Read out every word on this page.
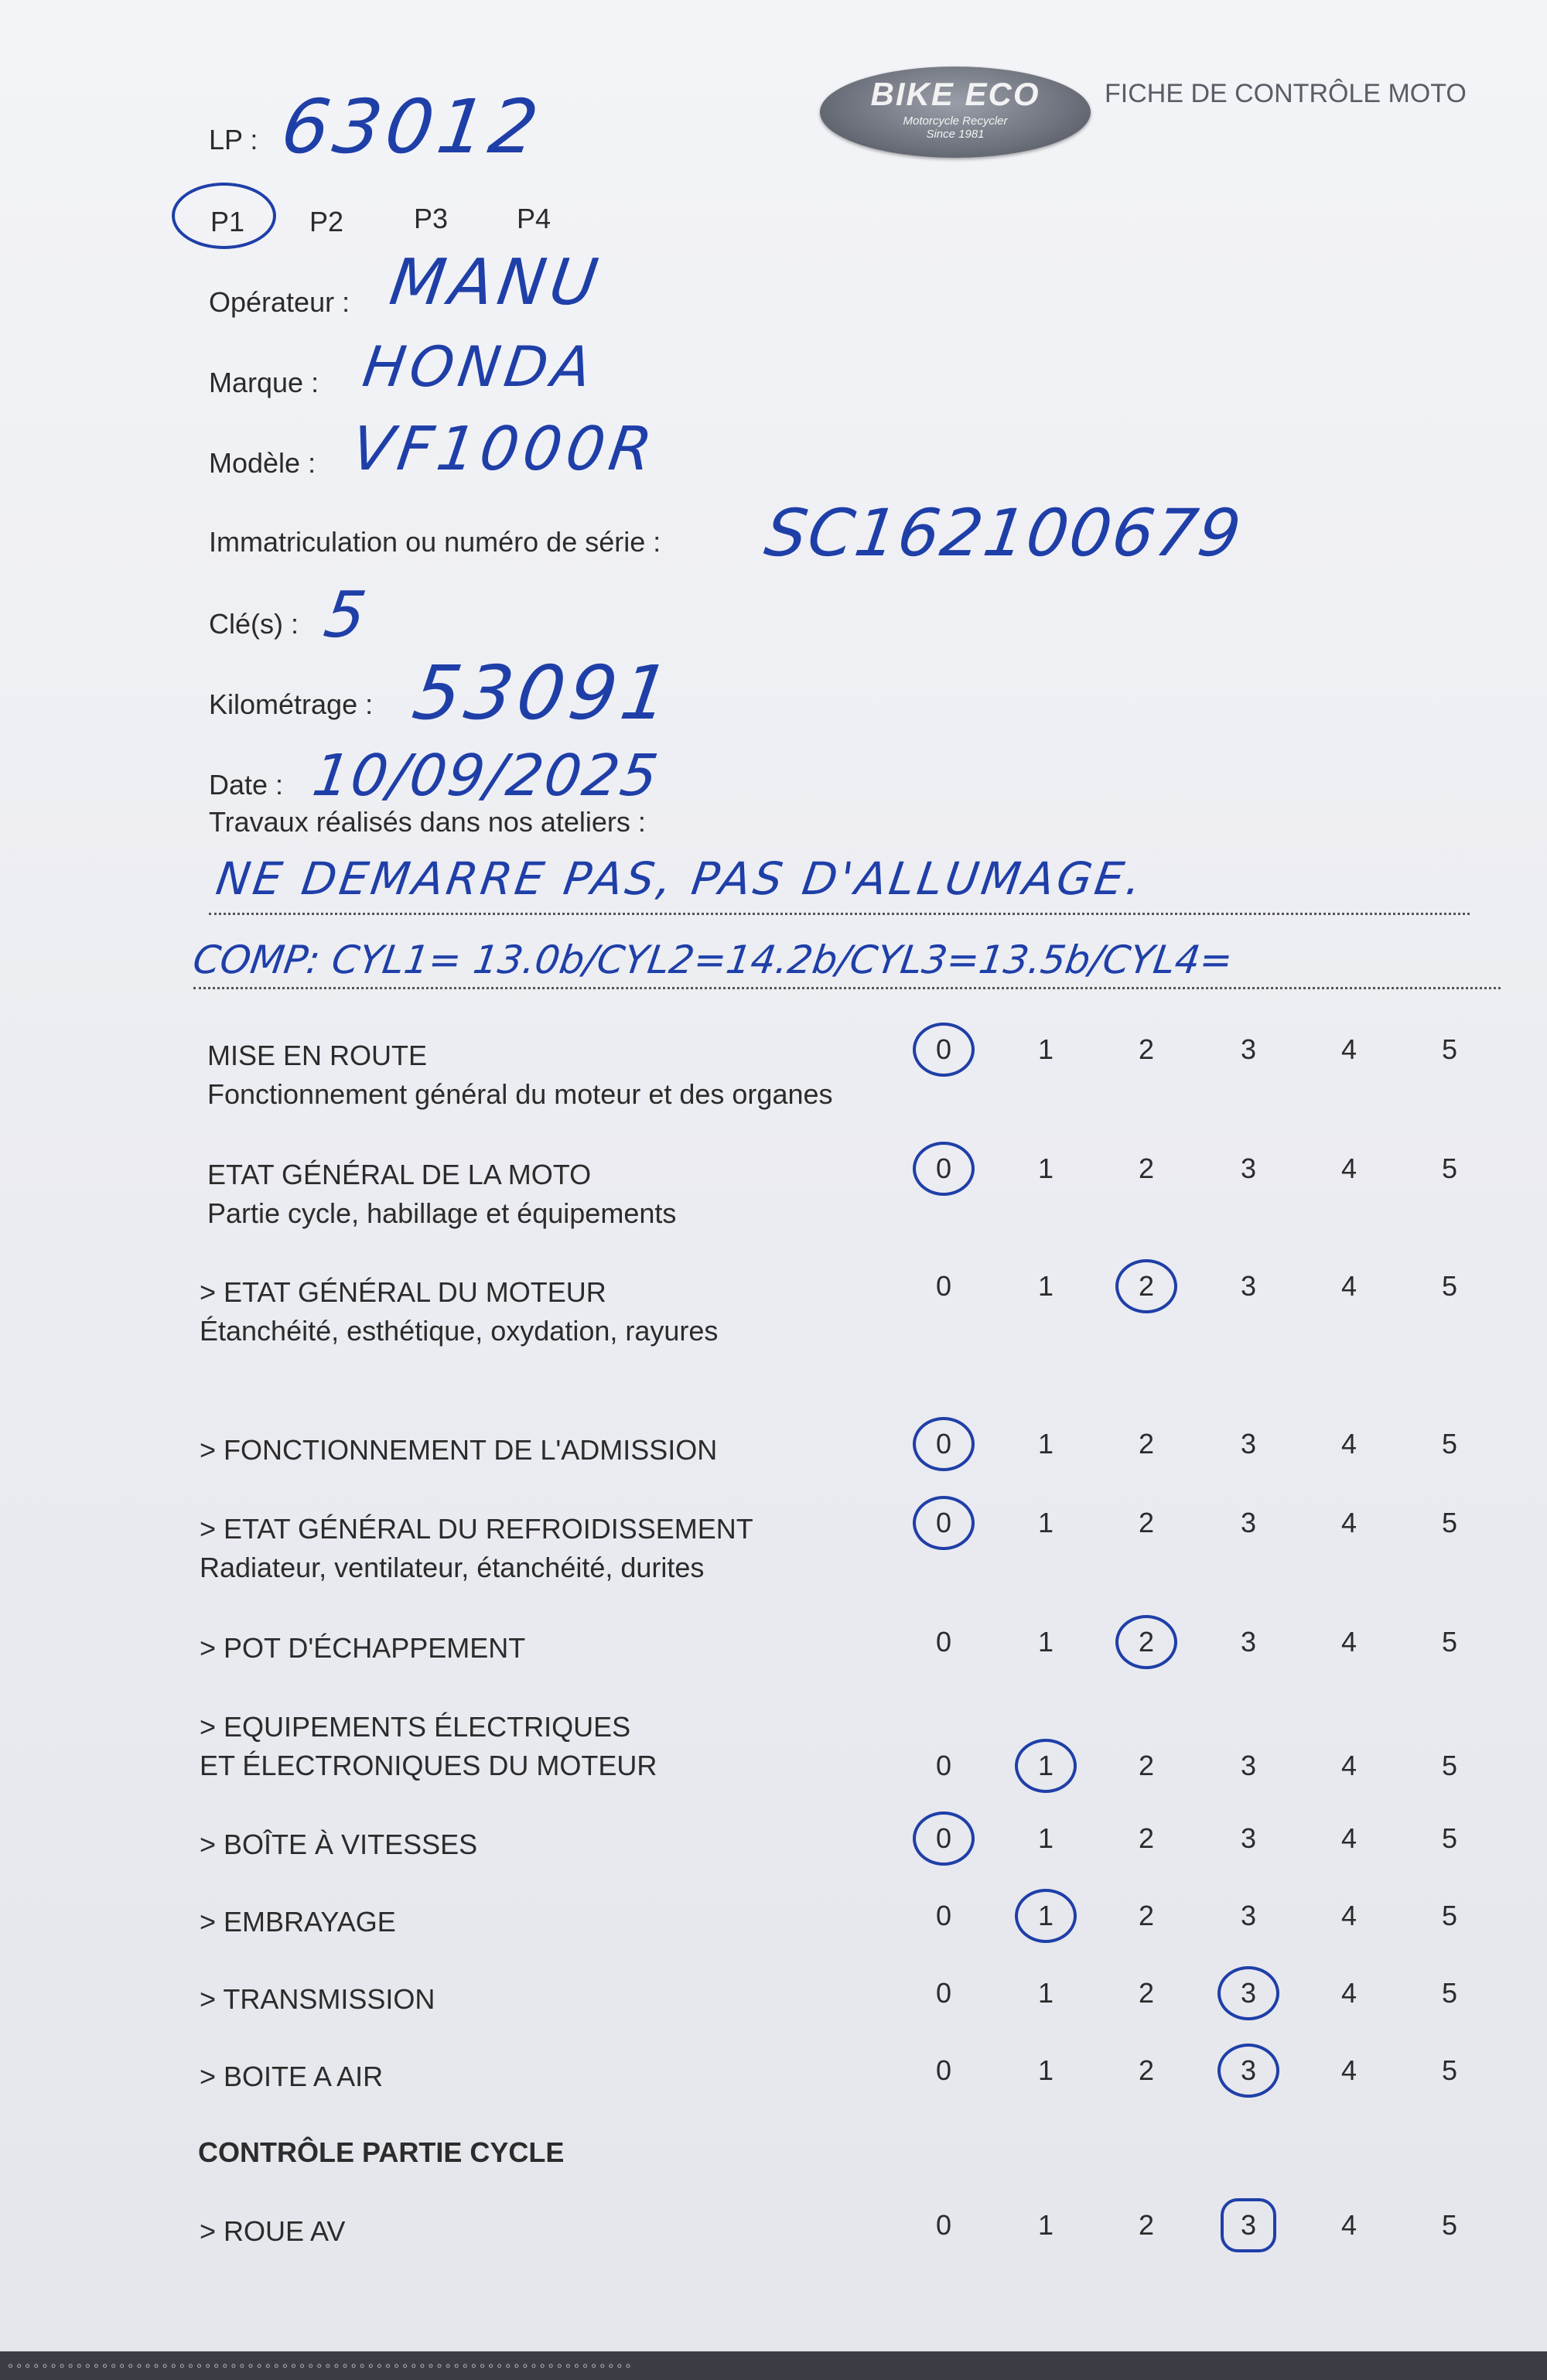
BIKE ECO
Motorcycle Recycler
Since 1981
FICHE DE CONTRÔLE MOTO
LP : 63012
P1 P2	P3 P4
Opérateur : MANU
Marque : HONDA
Modèle : VF1000R
Immatriculation ou numéro de série : SC162100679
Clé(s) : 5
Kilométrage : 53091
Date : 10/09/2025
Travaux réalisés dans nos ateliers :
NE DEMARRE PAS, PAS D'ALLUMAGE.
COMP: CYL1= 13.0b/CYL2=14.2b/CYL3=13.5b/CYL4=
MISE EN ROUTE
Fonctionnement général du moteur et des organes
0	1	2	3	4	5
ETAT GÉNÉRAL DE LA MOTO
Partie cycle, habillage et équipements
0	1	2	3	4	5
> ETAT GÉNÉRAL DU MOTEUR
Étanchéité, esthétique, oxydation, rayures
0	1	2	3	4	5
> FONCTIONNEMENT DE L'ADMISSION	0	1	2	3	4	5
> ETAT GÉNÉRAL DU REFROIDISSEMENT
Radiateur, ventilateur, étanchéité, durites
0	1	2	3	4	5
> POT D'ÉCHAPPEMENT	0	1	2	3	4	5
> EQUIPEMENTS ÉLECTRIQUES
ET ÉLECTRONIQUES DU MOTEUR	0	1	2	3	4	5
> BOÎTE À VITESSES	0	1	2	3	4	5
> EMBRAYAGE	0	1	2	3	4	5
> TRANSMISSION	0	1	2	3	4	5
> BOITE A AIR	0	1	2	3	4	5
> ROUE AV	0	1	2	3	4	5
CONTRÔLE PARTIE CYCLE
◦◦◦◦◦◦◦◦◦◦◦◦◦◦◦◦◦◦◦◦◦◦◦◦◦◦◦◦◦◦◦◦◦◦◦◦◦◦◦◦◦◦◦◦◦◦◦◦◦◦◦◦◦◦◦◦◦◦◦◦◦◦◦◦◦◦◦◦◦◦◦◦◦
